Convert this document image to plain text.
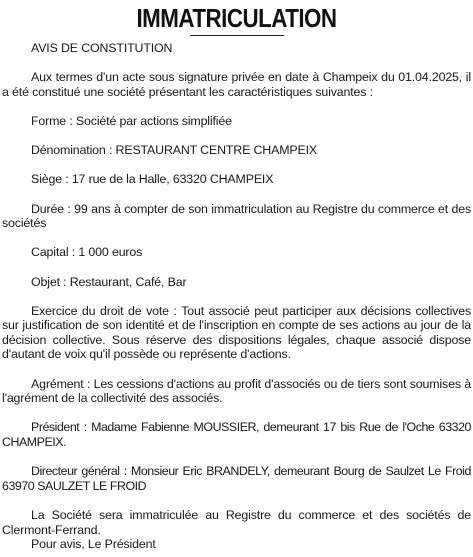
IMMATRICULATION

AVIS DE CONSTITUTION

Aux termes d'un acte sous signature privée en date à Champeix du 01.04.2025, il a été constitué une société présentant les caractéristiques suivantes :

Forme : Société par actions simplifiée

Dénomination : RESTAURANT CENTRE CHAMPEIX

Siège : 17 rue de la Halle, 63320 CHAMPEIX

Durée : 99 ans à compter de son immatriculation au Registre du commerce et des sociétés

Capital : 1 000 euros

Objet : Restaurant, Café, Bar

Exercice du droit de vote : Tout associé peut participer aux décisions collectives sur justification de son identité et de l'inscription en compte de ses actions au jour de la décision collective. Sous réserve des dispositions légales, chaque associé dispose d'autant de voix qu'il possède ou représente d'actions.

Agrément : Les cessions d'actions au profit d'associés ou de tiers sont soumises à l'agrément de la collectivité des associés.

Président : Madame Fabienne MOUSSIER, demeurant 17 bis Rue de l'Oche 63320 CHAMPEIX.

Directeur général : Monsieur Eric BRANDELY, demeurant Bourg de Saulzet Le Froid 63970 SAULZET LE FROID

La Société sera immatriculée au Registre du commerce et des sociétés de Clermont-Ferrand.

Pour avis, Le Président
